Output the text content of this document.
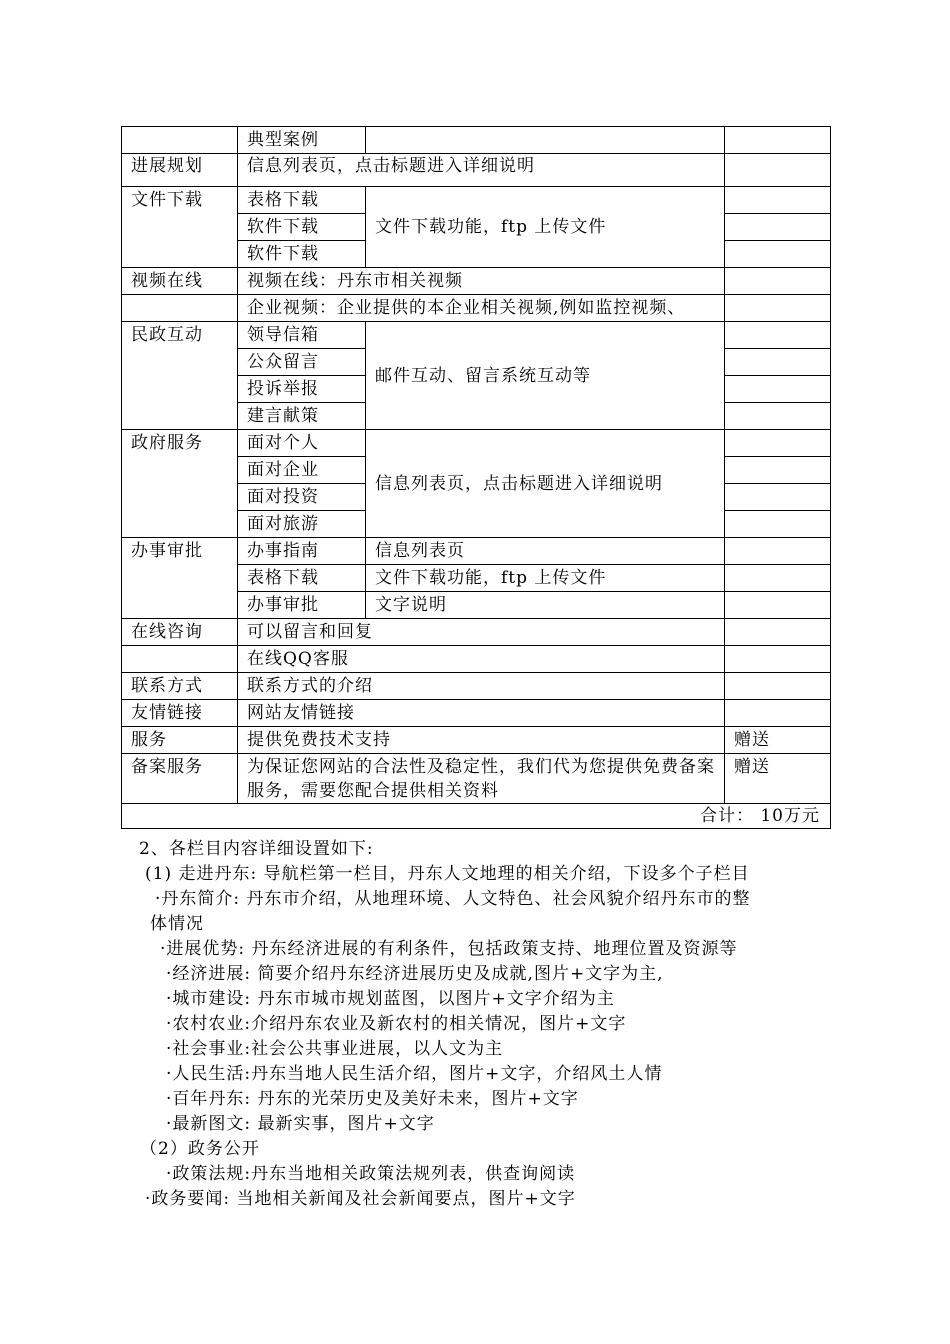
	典型案例		
进展规划	信息列表页，点击标题进入详细说明		
文件下载	表格下载	文件下载功能，ftp 上传文件	
	软件下载		
	软件下载		
视频在线	视频在线：丹东市相关视频		
	企业视频：企业提供的本企业相关视频,例如监控视频、		
民政互动	领导信箱	邮件互动、留言系统互动等	
	公众留言		
	投诉举报		
	建言献策		
政府服务	面对个人	信息列表页，点击标题进入详细说明	
	面对企业		
	面对投资		
	面对旅游		
办事审批	办事指南	信息列表页	
	表格下载	文件下载功能，ftp 上传文件	
	办事审批	文字说明	
在线咨询	可以留言和回复		
	在线QQ客服		
联系方式	联系方式的介绍		
友情链接	网站友情链接		
服务	提供免费技术支持		赠送
备案服务	为保证您网站的合法性及稳定性，我们代为您提供免费备案服务，需要您配合提供相关资料		赠送
合计： 10万元			
2、各栏目内容详细设置如下:
(1) 走进丹东: 导航栏第一栏目，丹东人文地理的相关介绍，下设多个子栏目
·丹东简介: 丹东市介绍，从地理环境、人文特色、社会风貌介绍丹东市的整
体情况
·进展优势: 丹东经济进展的有利条件，包括政策支持、地理位置及资源等
·经济进展: 简要介绍丹东经济进展历史及成就,图片+文字为主,
·城市建设: 丹东市城市规划蓝图，以图片+文字介绍为主
·农村农业:介绍丹东农业及新农村的相关情况，图片+文字
·社会事业:社会公共事业进展，以人文为主
·人民生活:丹东当地人民生活介绍，图片+文字，介绍风土人情
·百年丹东: 丹东的光荣历史及美好未来，图片+文字
·最新图文: 最新实事，图片+文字
（2）政务公开
·政策法规:丹东当地相关政策法规列表，供查询阅读
·政务要闻: 当地相关新闻及社会新闻要点，图片+文字
